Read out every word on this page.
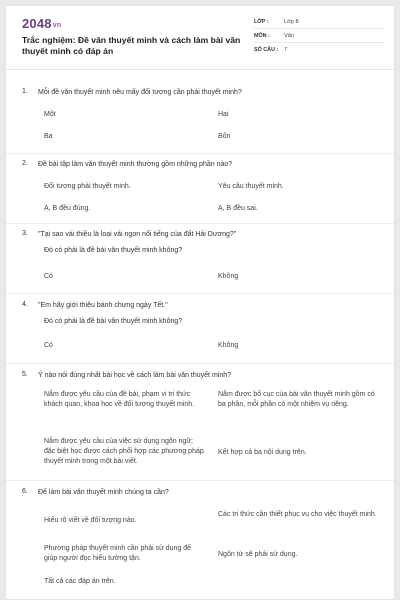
2048vn
Trắc nghiệm: Đề văn thuyết minh và cách làm bài văn thuyết minh có đáp án
LỚP :	Lớp 8
MÔN :	Văn
SỐ CÂU :	7
1. Mỗi đề văn thuyết minh nêu mấy đối tượng cần phải thuyết minh?
Một	Hai
Ba	Bốn
2. Đề bài tập làm văn thuyết minh thường gồm những phần nào?
Đối tượng phải thuyết minh.	Yêu cầu thuyết minh.
A, B đều đúng.	A, B đều sai.
3. "Tại sao vải thiều là loại vải ngon nổi tiếng của đất Hải Dương?"
Đó có phải là đề bài văn thuyết minh không?
Có	Không
4. "Em hãy giới thiệu bánh chưng ngày Tết."
Đó có phải là đề bài văn thuyết minh không?
Có	Không
5. Ý nào nói đúng nhất bài học về cách làm bài văn thuyết minh?
Nắm được yêu cầu của đề bài, phạm vi tri thức khách quan, khoa học về đối tượng thuyết minh.
Nắm được bố cục của bài văn thuyết minh gồm có ba phần, mỗi phần có một nhiệm vụ riêng.
Nắm được yêu cầu của việc sử dụng ngôn ngữ; đặc biệt học được cách phối hợp các phương pháp thuyết minh trong một bài viết.
Kết hợp cả ba nội dung trên.
6. Để làm bài văn thuyết minh chúng ta cần?
Hiểu rõ viết về đối tượng nào.
Các tri thức cần thiết phục vụ cho việc thuyết minh.
Phương pháp thuyết minh cần phải sử dụng để giúp người đọc hiểu tường tận.
Ngôn từ sẽ phải sử dụng.
Tất cả các đáp án trên.
